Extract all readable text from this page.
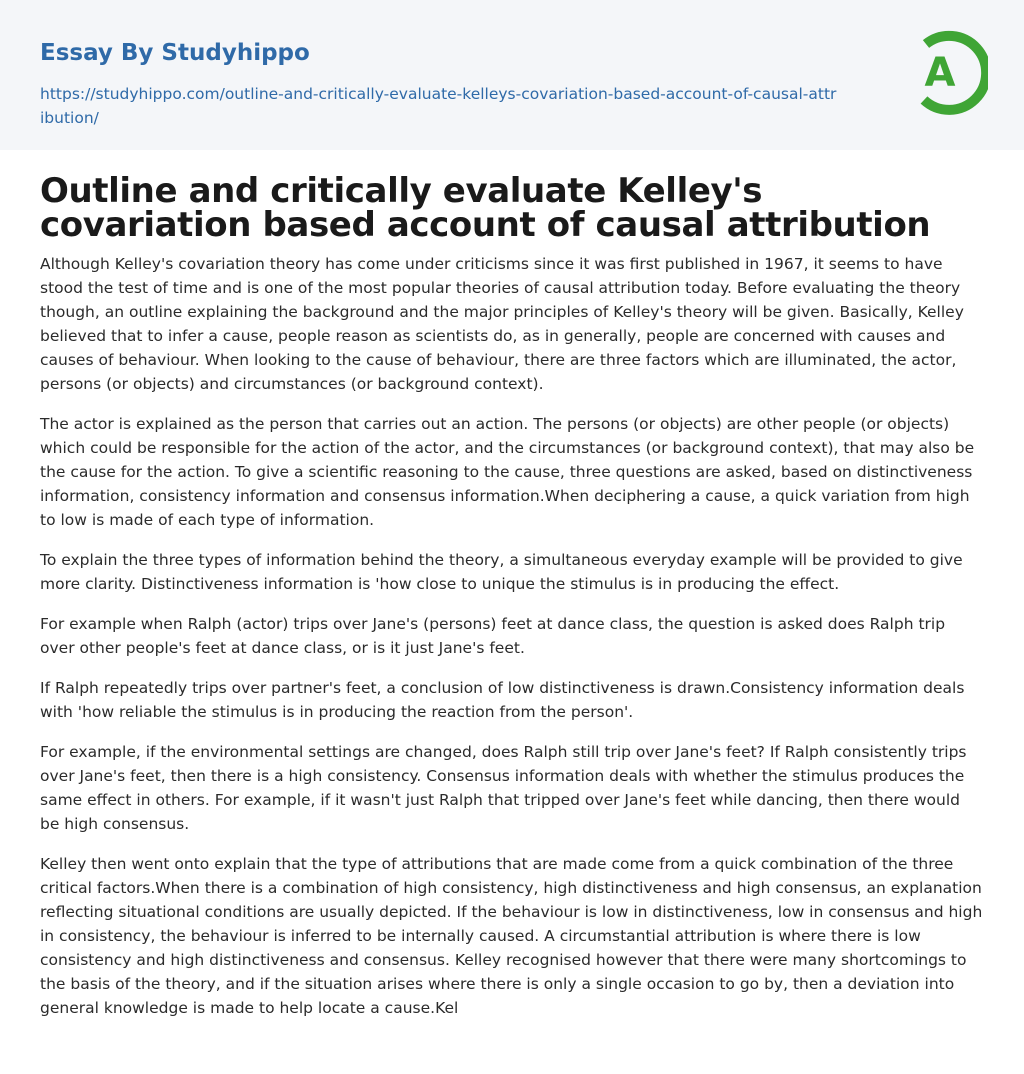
Essay By Studyhippo
https://studyhippo.com/outline-and-critically-evaluate-kelleys-covariation-based-account-of-causal-attribution/
A
Outline and critically evaluate Kelley's covariation based account of causal attribution

Although Kelley's covariation theory has come under criticisms since it was first published in 1967, it seems to have stood the test of time and is one of the most popular theories of causal attribution today. Before evaluating the theory though, an outline explaining the background and the major principles of Kelley's theory will be given. Basically, Kelley believed that to infer a cause, people reason as scientists do, as in generally, people are concerned with causes and causes of behaviour. When looking to the cause of behaviour, there are three factors which are illuminated, the actor, persons (or objects) and circumstances (or background context).

The actor is explained as the person that carries out an action. The persons (or objects) are other people (or objects) which could be responsible for the action of the actor, and the circumstances (or background context), that may also be the cause for the action. To give a scientific reasoning to the cause, three questions are asked, based on distinctiveness information, consistency information and consensus information.When deciphering a cause, a quick variation from high to low is made of each type of information.

To explain the three types of information behind the theory, a simultaneous everyday example will be provided to give more clarity. Distinctiveness information is 'how close to unique the stimulus is in producing the effect.

For example when Ralph (actor) trips over Jane's (persons) feet at dance class, the question is asked does Ralph trip over other people's feet at dance class, or is it just Jane's feet.

If Ralph repeatedly trips over partner's feet, a conclusion of low distinctiveness is drawn.Consistency information deals with 'how reliable the stimulus is in producing the reaction from the person'.

For example, if the environmental settings are changed, does Ralph still trip over Jane's feet? If Ralph consistently trips over Jane's feet, then there is a high consistency. Consensus information deals with whether the stimulus produces the same effect in others. For example, if it wasn't just Ralph that tripped over Jane's feet while dancing, then there would be high consensus.

Kelley then went onto explain that the type of attributions that are made come from a quick combination of the three critical factors.When there is a combination of high consistency, high distinctiveness and high consensus, an explanation reflecting situational conditions are usually depicted. If the behaviour is low in distinctiveness, low in consensus and high in consistency, the behaviour is inferred to be internally caused. A circumstantial attribution is where there is low consistency and high distinctiveness and consensus. Kelley recognised however that there were many shortcomings to the basis of the theory, and if the situation arises where there is only a single occasion to go by, then a deviation into general knowledge is made to help locate a cause.Kel
